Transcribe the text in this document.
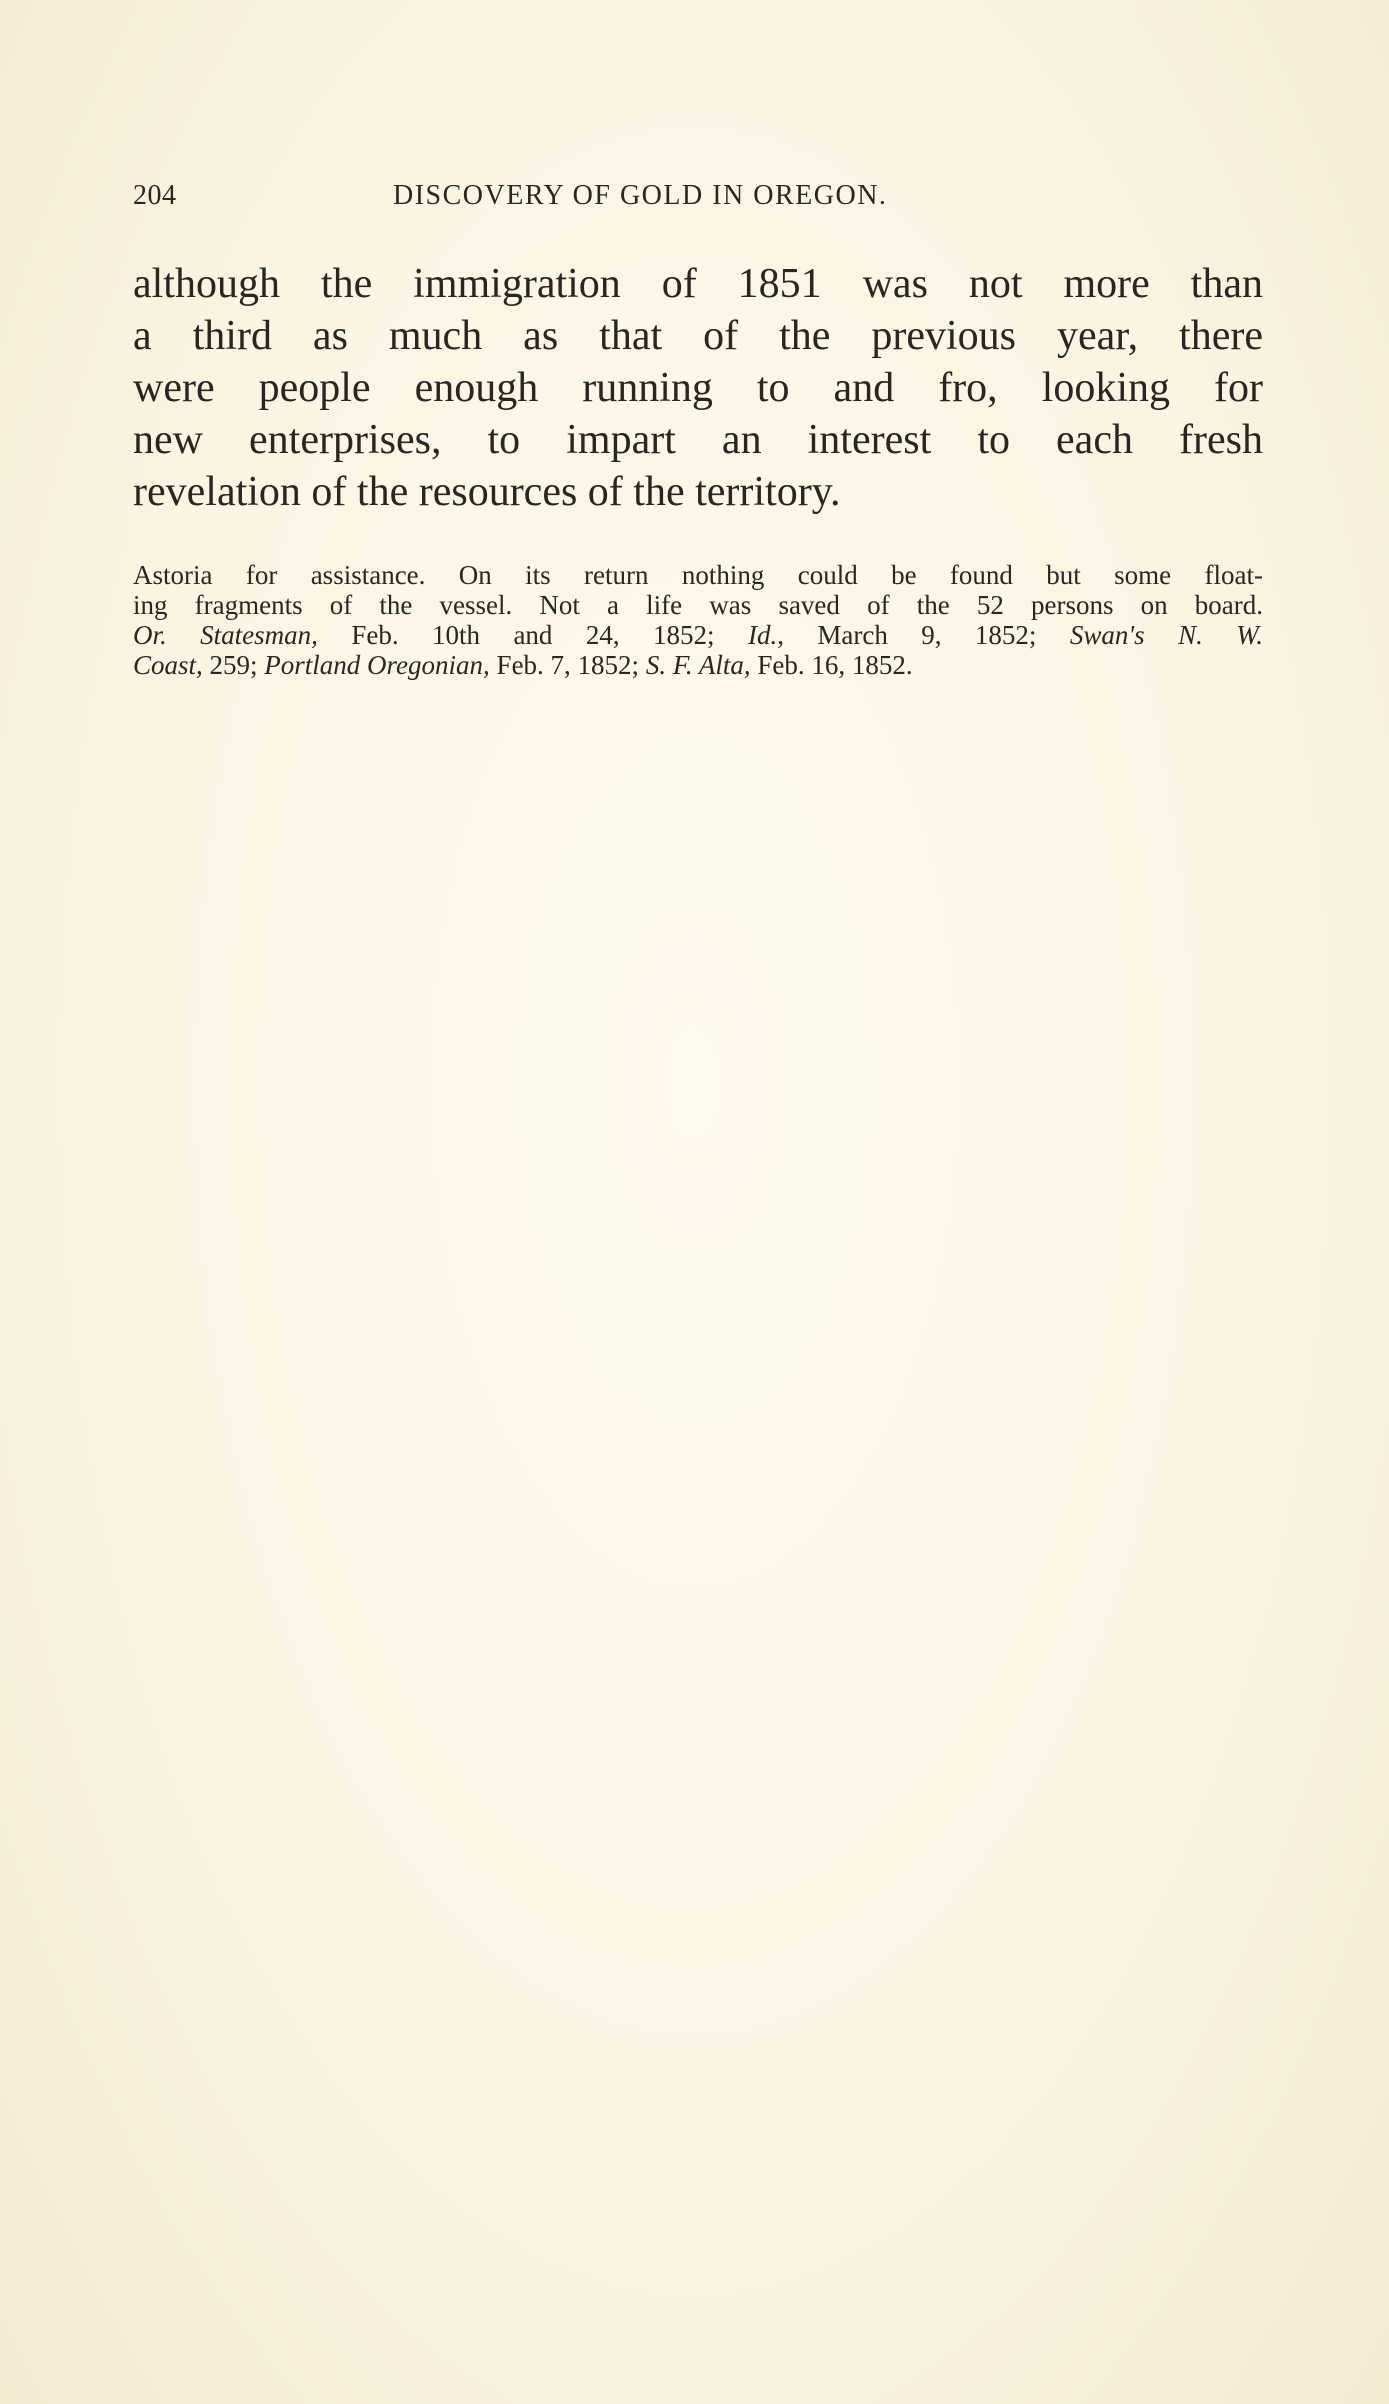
204	DISCOVERY OF GOLD IN OREGON.

although the immigration of 1851 was not more than
a third as much as that of the previous year, there
were people enough running to and fro, looking for
new enterprises, to impart an interest to each fresh
revelation of the resources of the territory.

Astoria for assistance. On its return nothing could be found but some float-
ing fragments of the vessel. Not a life was saved of the 52 persons on board.
Or. Statesman, Feb. 10th and 24, 1852; Id., March 9, 1852; Swan's N. W.
Coast, 259; Portland Oregonian, Feb. 7, 1852; S. F. Alta, Feb. 16, 1852.
